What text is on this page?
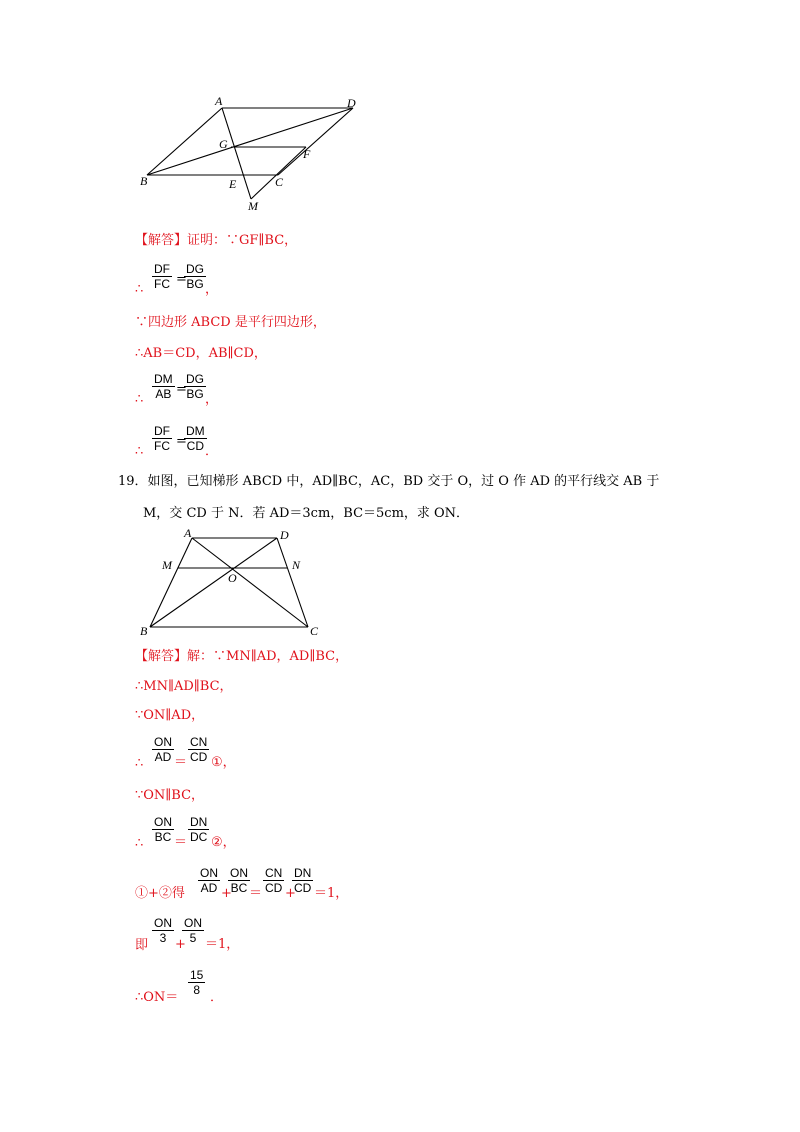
A	D
G
F
B	E	C
M
【解答】证明：∵GF∥BC，
∴ $\frac{DF}{FC}$ =
$\frac{DG}{BG}$ ，
∵四边形 ABCD 是平行四边形，
∴AB＝CD，AB∥CD，
∴ $\frac{DM}{AB}$ =
$\frac{DG}{BG}$ ，
∴ $\frac{DF}{FC}$ =
$\frac{DM}{CD}$
．
19．如图，已知梯形 ABCD 中，AD∥BC，AC，BD 交于 O，过 O 作 AD 的平行线交 AB 于
M，交 CD 于 N．若 AD＝3cm，BC＝5cm，求 ON．
A	D
M
O
N
B	C
【解答】解：∵MN∥AD，AD∥BC，
∴MN∥AD∥BC，
∵ON∥AD，
∴ $\frac{ON}{AD} = \frac{CN}{CD}$ ①，
∵ON∥BC，
∴ $\frac{ON}{BC} = \frac{DN}{DC}$ ②，
①+②得 $\frac{ON}{AD}$ +
$\frac{ON}{BC} = \frac{CN}{CD}$ +
$\frac{DN}{CD} =1$，
即
$\frac{ON}{3}$ +
$\frac{ON}{5} =1$，
∴ON＝
$\frac{15}{8}$
．
